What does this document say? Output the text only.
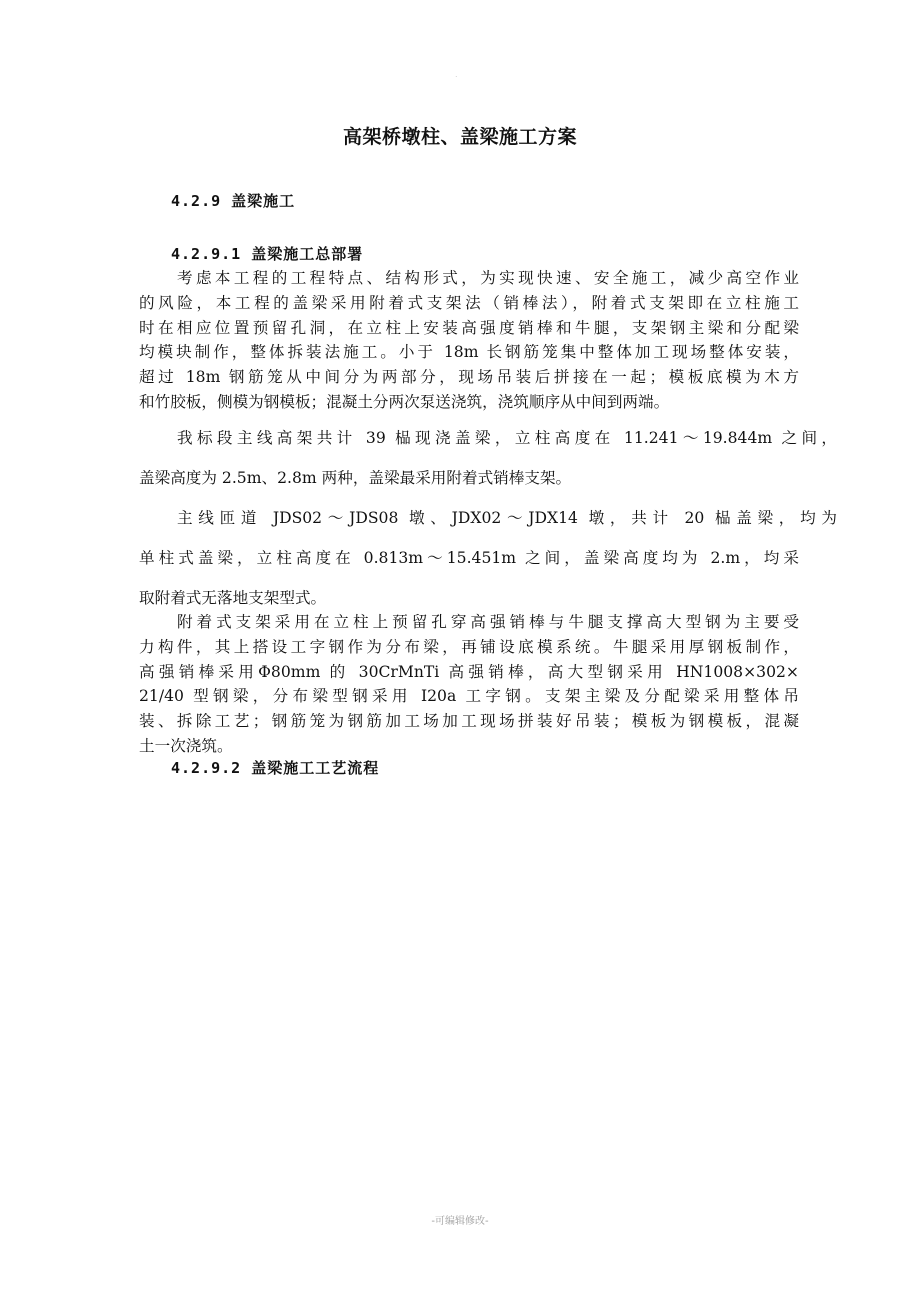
.
高架桥墩柱、盖梁施工方案
4.2.9 盖梁施工
4.2.9.1 盖梁施工总部署
考虑本工程的工程特点、结构形式，为实现快速、安全施工，减少高空作业
的风险，本工程的盖梁采用附着式支架法（销棒法），附着式支架即在立柱施工
时在相应位置预留孔洞，在立柱上安装高强度销棒和牛腿，支架钢主梁和分配梁
均模块制作，整体拆装法施工。小于 18m 长钢筋笼集中整体加工现场整体安装，
超过 18m 钢筋笼从中间分为两部分，现场吊装后拼接在一起；模板底模为木方
和竹胶板，侧模为钢模板；混凝土分两次泵送浇筑，浇筑顺序从中间到两端。
我标段主线高架共计 39 榀现浇盖梁，立柱高度在 11.241～19.844m 之间，
盖梁高度为 2.5m、2.8m 两种，盖梁最采用附着式销棒支架。
主线匝道 JDS02～JDS08 墩、JDX02～JDX14 墩，共计 20 榀盖梁，均为
单柱式盖梁，立柱高度在 0.813m～15.451m 之间，盖梁高度均为 2.m，均采
取附着式无落地支架型式。
附着式支架采用在立柱上预留孔穿高强销棒与牛腿支撑高大型钢为主要受
力构件，其上搭设工字钢作为分布梁，再铺设底模系统。牛腿采用厚钢板制作，
高强销棒采用Φ80mm 的 30CrMnTi 高强销棒，高大型钢采用 HN1008×302×
21/40 型钢梁，分布梁型钢采用 I20a 工字钢。支架主梁及分配梁采用整体吊
装、拆除工艺；钢筋笼为钢筋加工场加工现场拼装好吊装；模板为钢模板，混凝
土一次浇筑。
4.2.9.2 盖梁施工工艺流程
-可编辑修改-
